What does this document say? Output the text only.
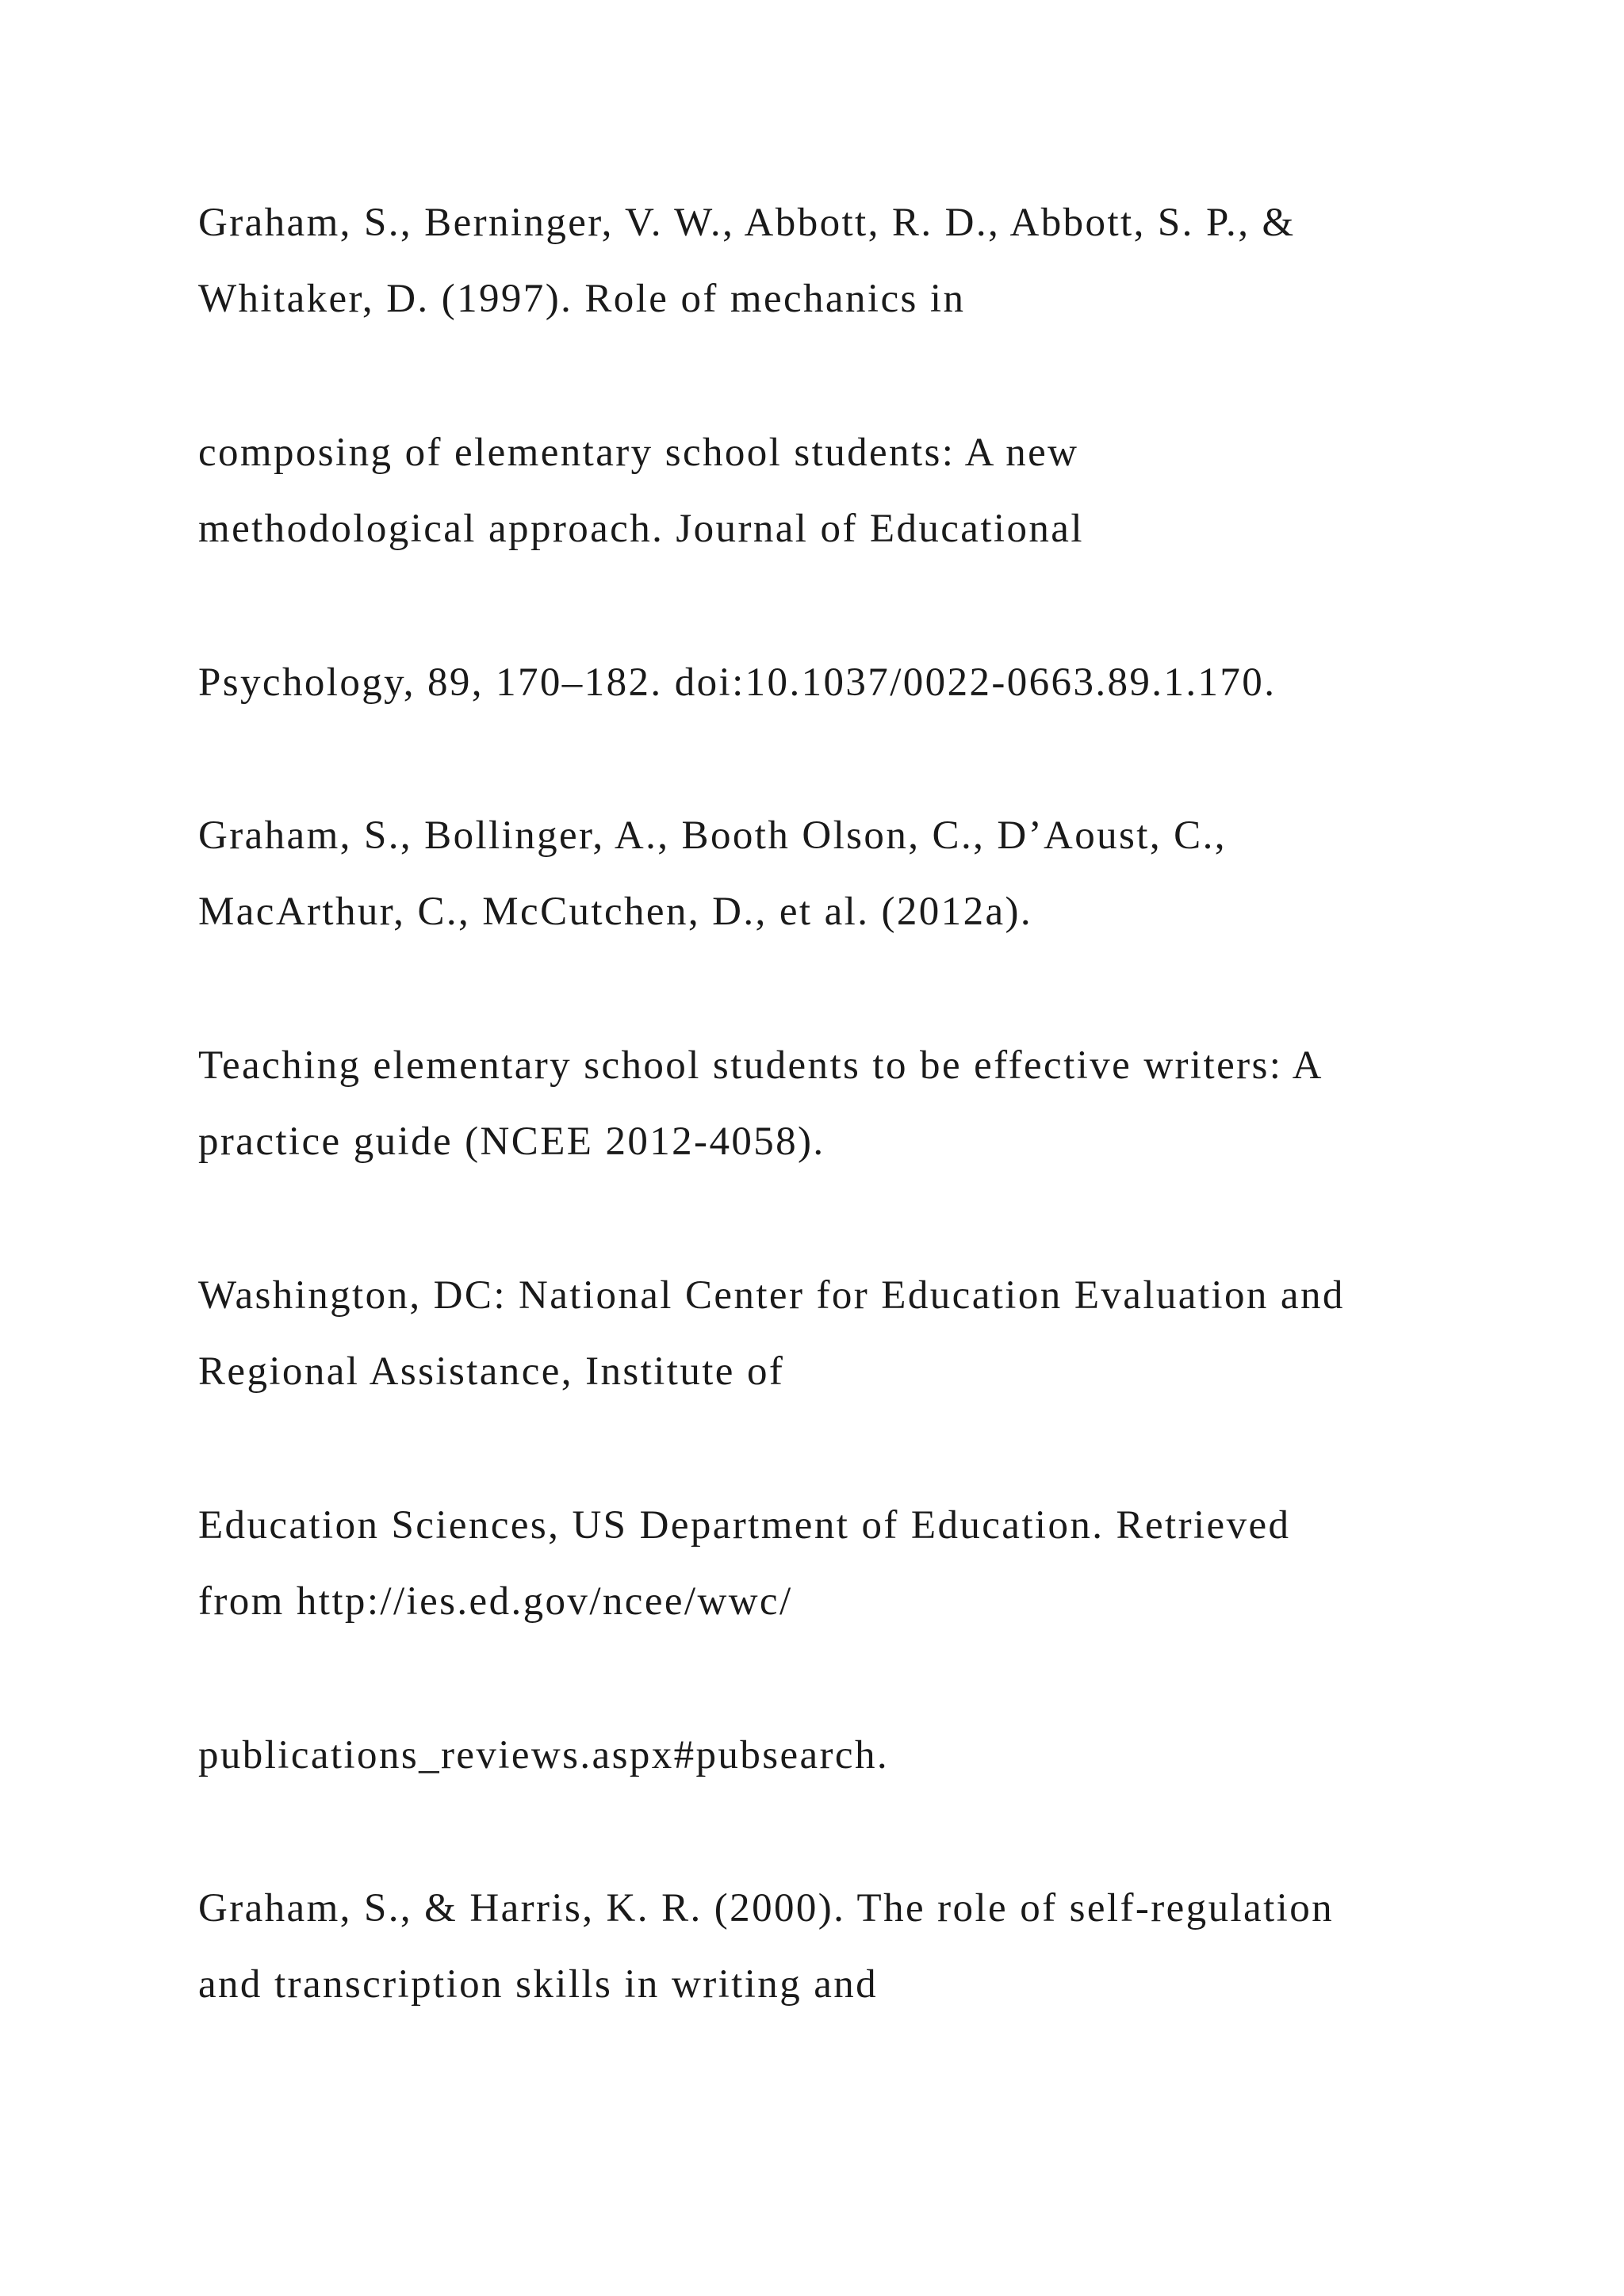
Graham, S., Berninger, V. W., Abbott, R. D., Abbott, S. P., &
Whitaker, D. (1997). Role of mechanics in

composing of elementary school students: A new
methodological approach. Journal of Educational

Psychology, 89, 170–182. doi:10.1037/0022-0663.89.1.170.

Graham, S., Bollinger, A., Booth Olson, C., D’Aoust, C.,
MacArthur, C., McCutchen, D., et al. (2012a).

Teaching elementary school students to be effective writers: A
practice guide (NCEE 2012-4058).

Washington, DC: National Center for Education Evaluation and
Regional Assistance, Institute of

Education Sciences, US Department of Education. Retrieved
from http://ies.ed.gov/ncee/wwc/

publications_reviews.aspx#pubsearch.

Graham, S., & Harris, K. R. (2000). The role of self-regulation
and transcription skills in writing and
